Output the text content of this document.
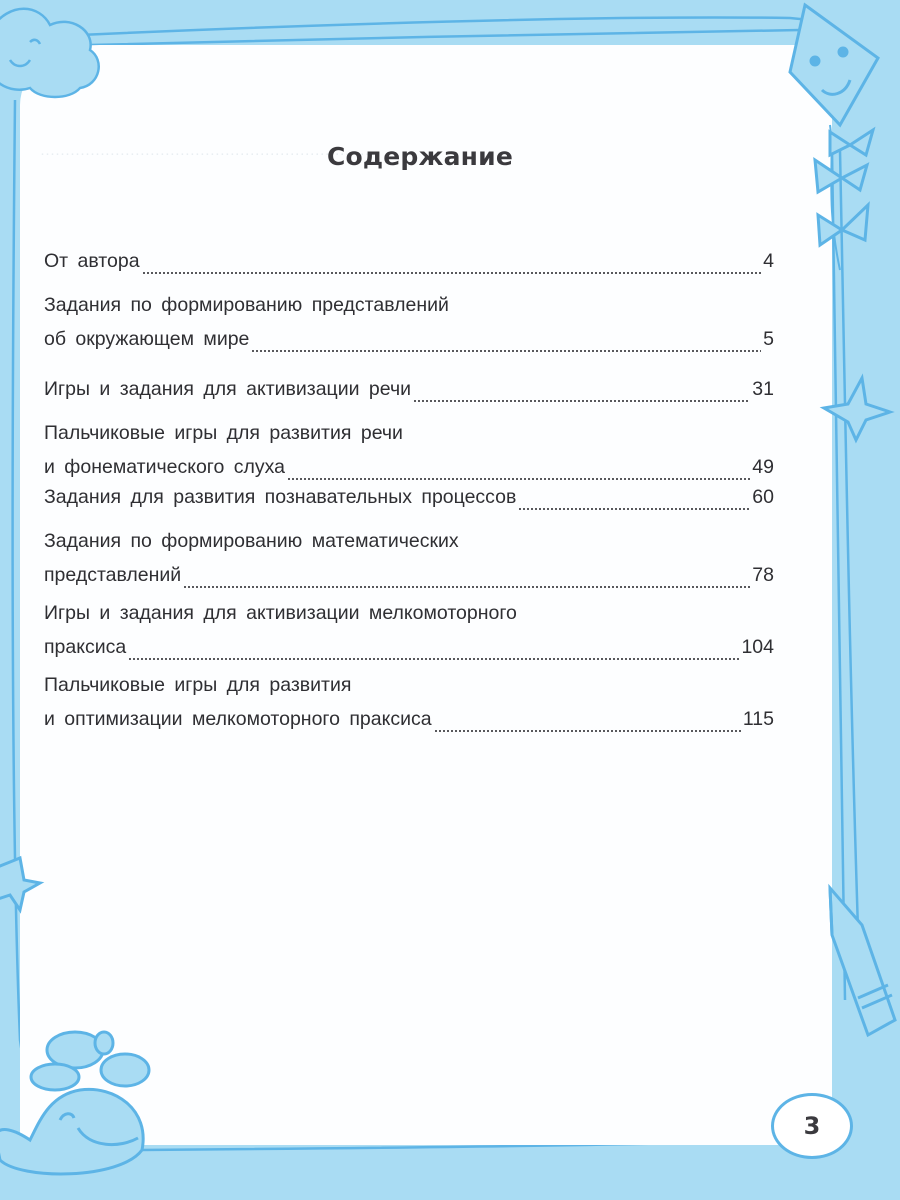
···································································
Содержание
От автора	4
Задания по формированию представлений
об окружающем мире	5
Игры и задания для активизации речи	31
Пальчиковые игры для развития речи
и фонематического слуха	49
Задания для развития познавательных процессов	60
Задания по формированию математических
представлений	78
Игры и задания для активизации мелкомоторного
праксиса	104
Пальчиковые игры для развития
и оптимизации мелкомоторного праксиса	115
3
